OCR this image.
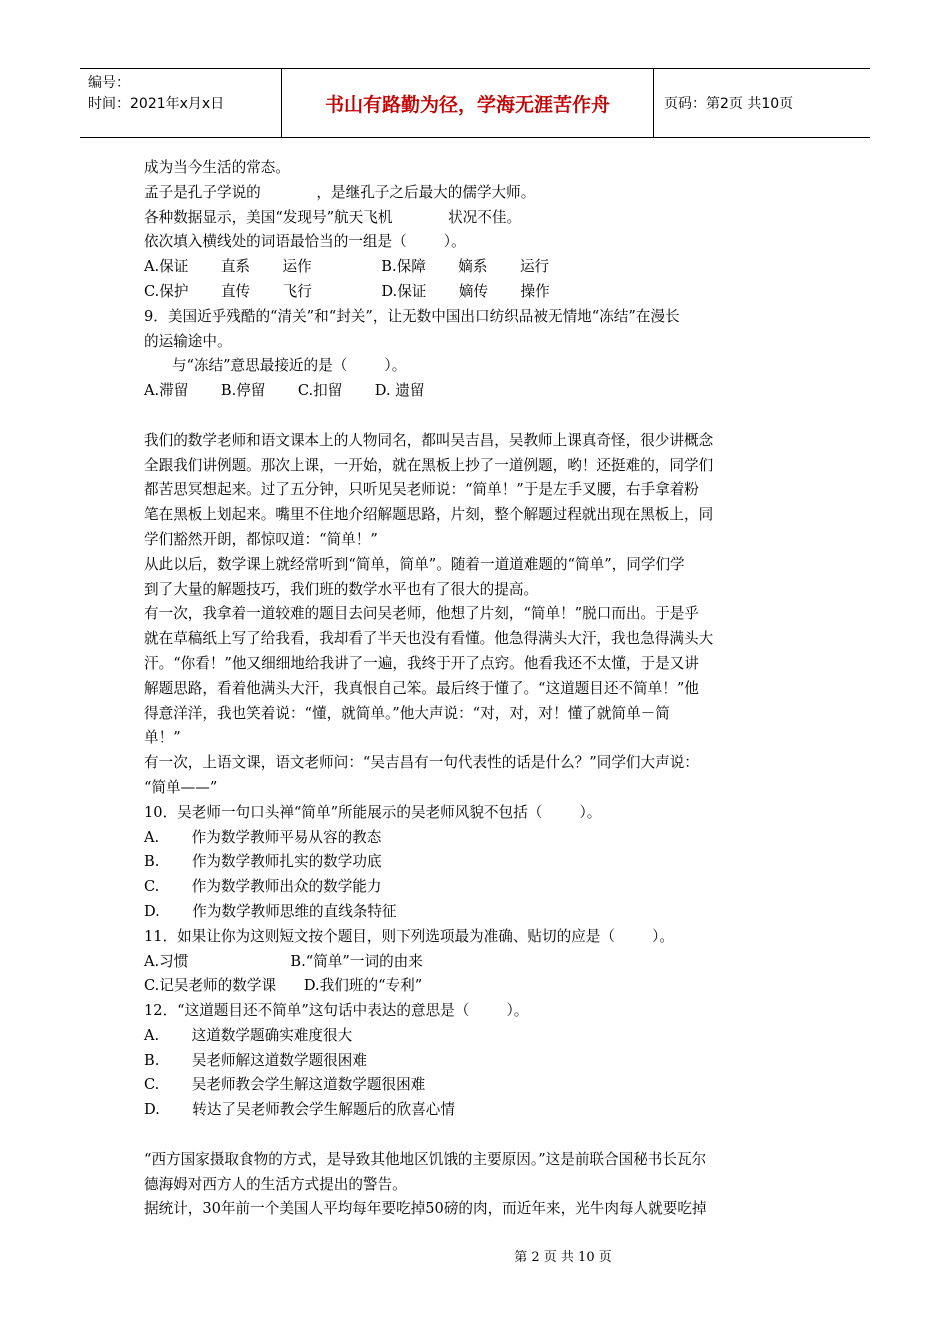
编号：
时间：2021年x月x日	书山有路勤为径，学海无涯苦作舟	页码：第2页 共10页

成为当今生活的常态。

孟子是孔子学说的            ，是继孔子之后最大的儒学大师。

各种数据显示，美国“发现号”航天飞机            状况不佳。

依次填入横线处的词语最恰当的一组是（        ）。

A.保证       直系       运作               B.保障       嫡系       运行

C.保护       直传       飞行               D.保证       嫡传       操作

9．美国近乎残酷的“清关”和“封关”，让无数中国出口纺织品被无情地“冻结”在漫长

的运输途中。

与“冻结”意思最接近的是（        ）。

A.滞留       B.停留       C.扣留       D. 遗留

我们的数学老师和语文课本上的人物同名，都叫吴吉昌，吴教师上课真奇怪，很少讲概念

全跟我们讲例题。那次上课，一开始，就在黑板上抄了一道例题，哟！还挺难的，同学们

都苦思冥想起来。过了五分钟，只听见吴老师说：“简单！”于是左手叉腰，右手拿着粉

笔在黑板上划起来。嘴里不住地介绍解题思路，片刻，整个解题过程就出现在黑板上，同

学们豁然开朗，都惊叹道：“简单！”

从此以后，数学课上就经常听到“简单，简单”。随着一道道难题的“简单”，同学们学

到了大量的解题技巧，我们班的数学水平也有了很大的提高。

有一次，我拿着一道较难的题目去问吴老师，他想了片刻，“简单！”脱口而出。于是乎

就在草稿纸上写了给我看，我却看了半天也没有看懂。他急得满头大汗，我也急得满头大

汗。“你看！”他又细细地给我讲了一遍，我终于开了点窍。他看我还不太懂，于是又讲

解题思路，看着他满头大汗，我真恨自己笨。最后终于懂了。“这道题目还不简单！”他

得意洋洋，我也笑着说：“懂，就简单。”他大声说：“对，对，对！懂了就简单－简

单！”

有一次，上语文课，语文老师问：“吴吉昌有一句代表性的话是什么？”同学们大声说：

“简单——”

10．吴老师一句口头禅“简单”所能展示的吴老师风貌不包括（        ）。

A.       作为数学教师平易从容的教态

B.       作为数学教师扎实的数学功底

C.       作为数学教师出众的数学能力

D.       作为数学教师思维的直线条特征

11．如果让你为这则短文按个题目，则下列选项最为准确、贴切的应是（        ）。

A.习惯                      B.“简单”一词的由来

C.记吴老师的数学课      D.我们班的“专利”

12．“这道题目还不简单”这句话中表达的意思是（        ）。

A.       这道数学题确实难度很大

B.       吴老师解这道数学题很困难

C.       吴老师教会学生解这道数学题很困难

D.       转达了吴老师教会学生解题后的欣喜心情

“西方国家摄取食物的方式，是导致其他地区饥饿的主要原因。”这是前联合国秘书长瓦尔

德海姆对西方人的生活方式提出的警告。

据统计，30年前一个美国人平均每年要吃掉50磅的肉，而近年来，光牛肉每人就要吃掉

第 2 页 共 10 页
